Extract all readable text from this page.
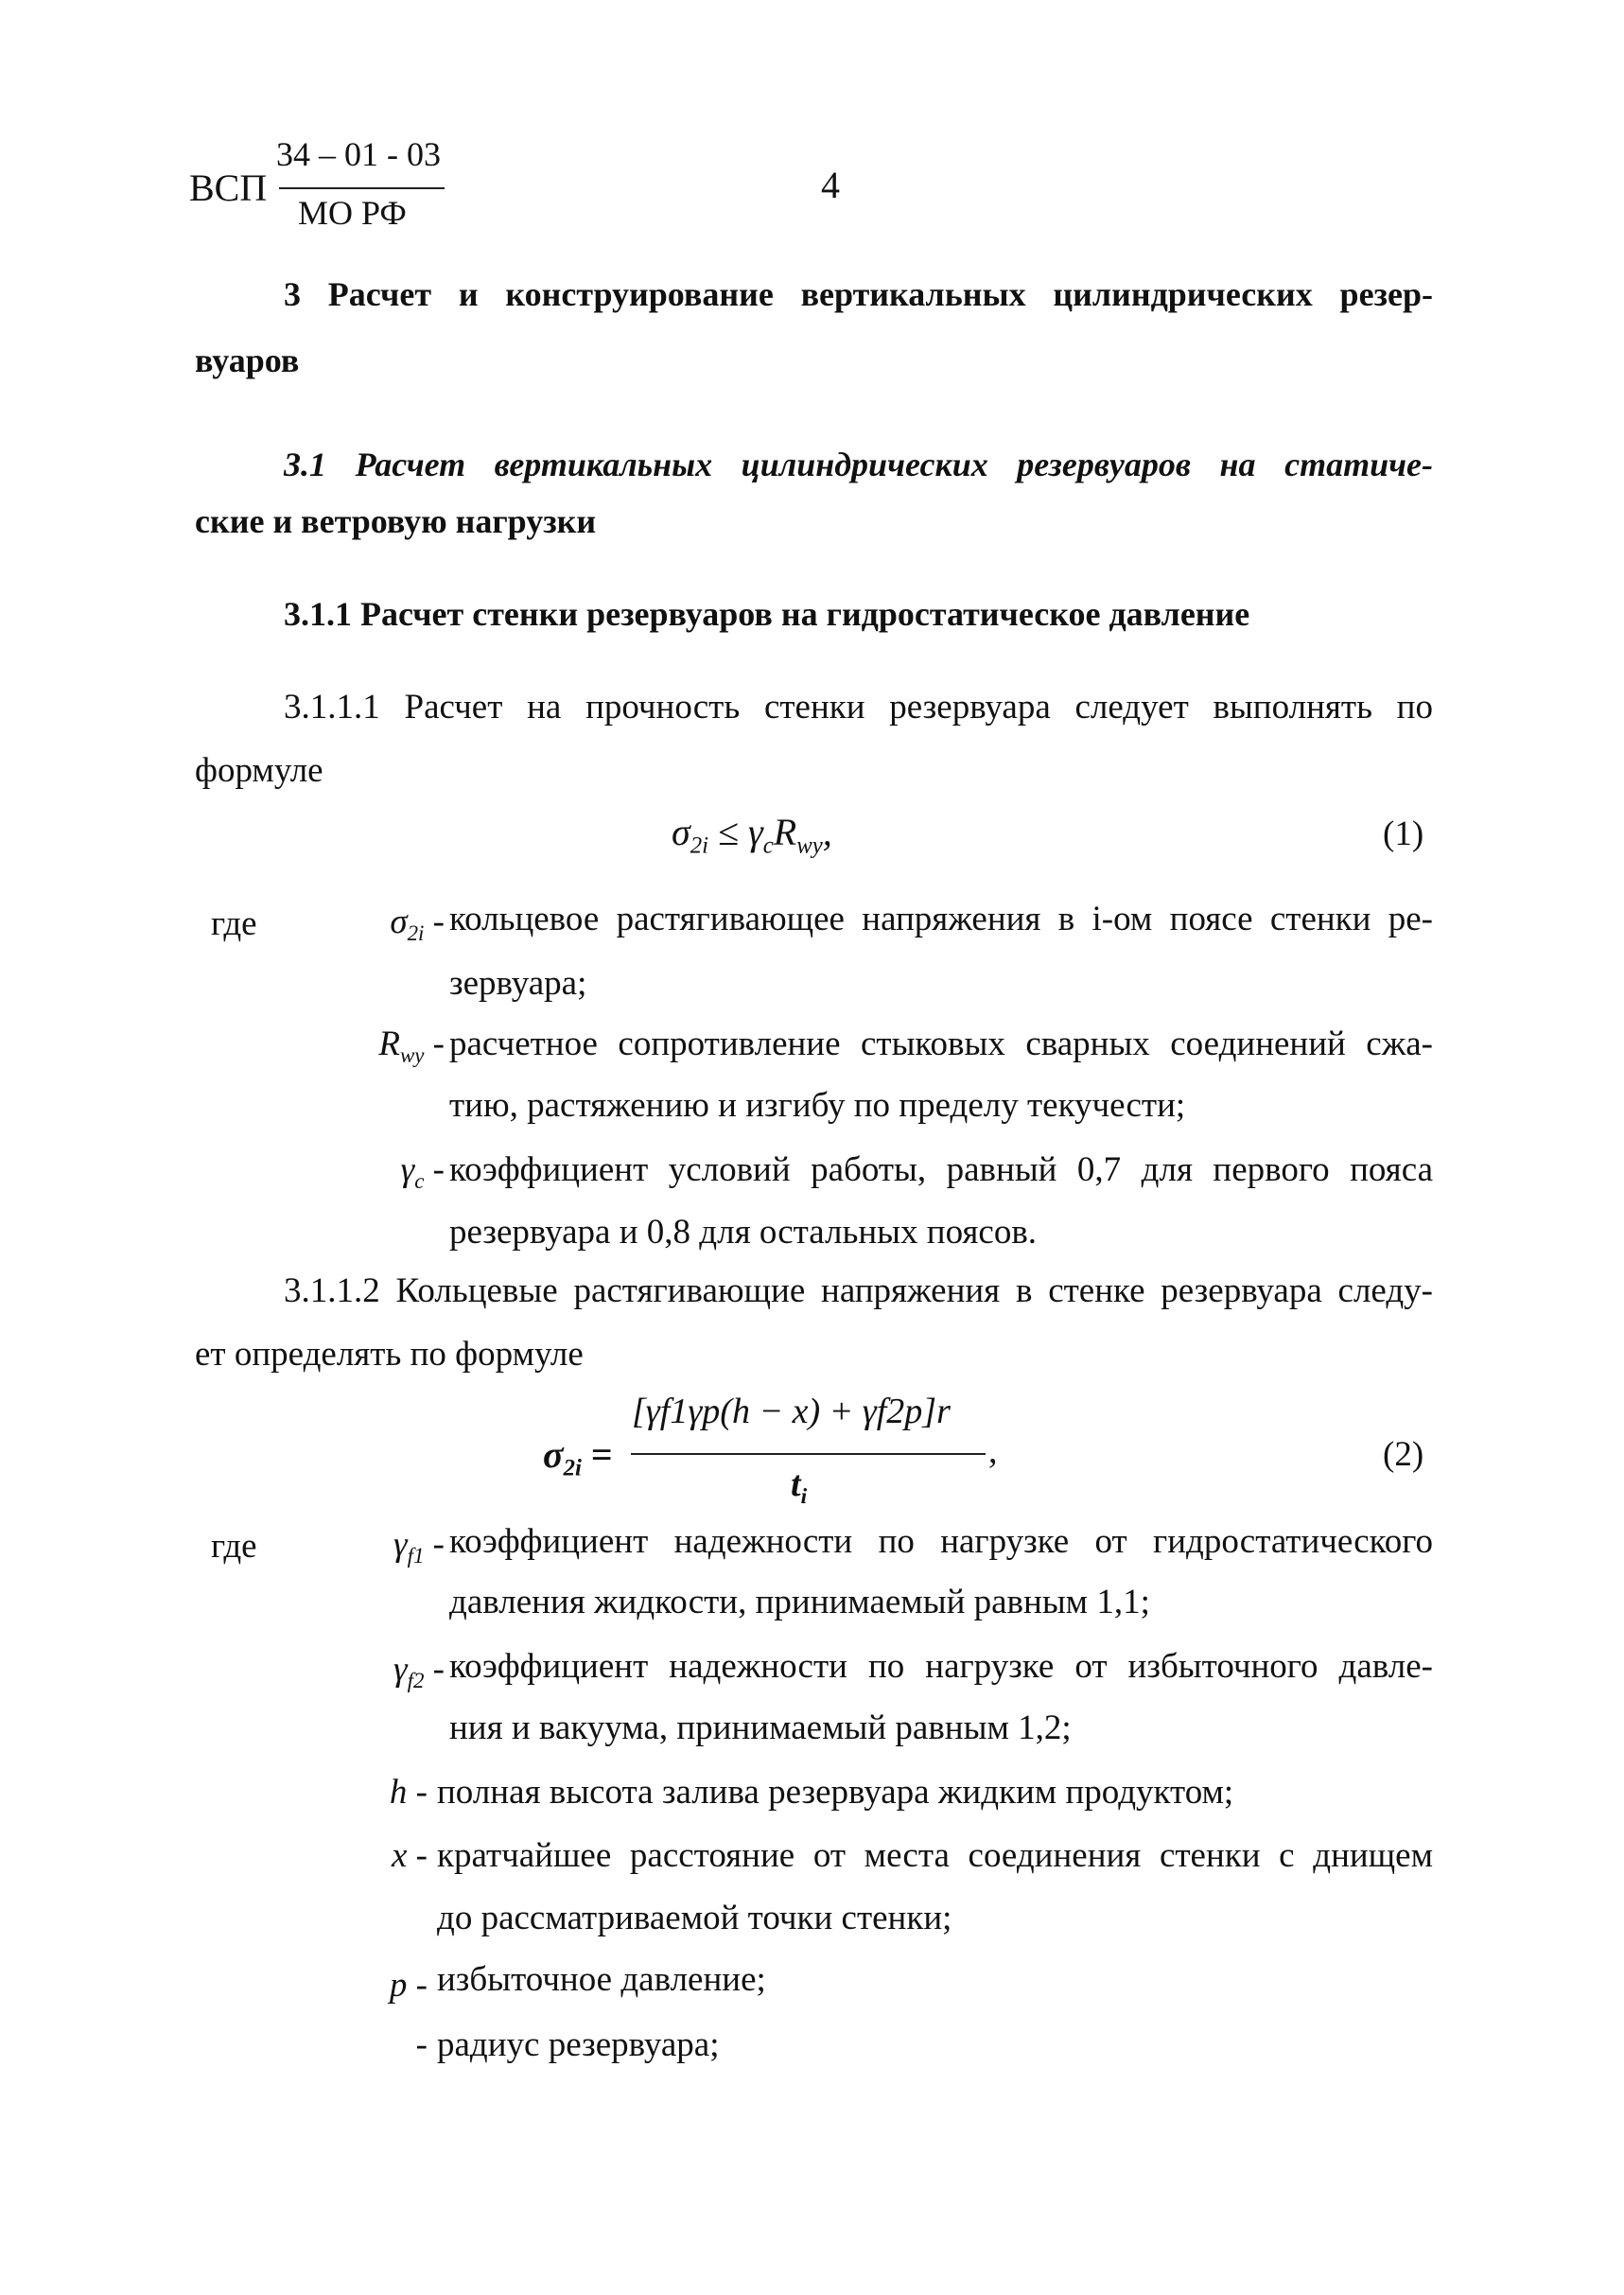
ВСП
34 – 01 - 03
МО РФ
4
3 Расчет и конструирование вертикальных цилиндрических резер-
вуаров
3.1 Расчет вертикальных цилиндрических резервуаров на статиче-
ские и ветровую нагрузки
3.1.1 Расчет стенки резервуаров на гидростатическое давление
3.1.1.1 Расчет на прочность стенки резервуара следует выполнять по
формуле
$\sigma_{2i} \le \gamma_cR_{wy}$,	(1)
где	$\sigma_{2i}$ - кольцевое растягивающее напряжения в i-ом поясе стенки ре-
зервуара;
$R_{wy}$ - расчетное сопротивление стыковых сварных соединений сжа-
тию, растяжению и изгибу по пределу текучести;
$\gamma_c$ - коэффициент условий работы, равный 0,7 для первого пояса
резервуара и 0,8 для остальных поясов.
3.1.1.2 Кольцевые растягивающие напряжения в стенке резервуара следу-
ет определять по формуле
$\sigma_{2i}$ =
[γf1γp(h − x) + γf2p]r
$t_i$
,	(2)
где	$\gamma_{f1}$ - коэффициент надежности по нагрузке от гидростатического
давления жидкости, принимаемый равным 1,1;
$\gamma_{f2}$ - коэффициент надежности по нагрузке от избыточного давле-
ния и вакуума, принимаемый равным 1,2;
h - полная высота залива резервуара жидким продуктом;
x - кратчайшее расстояние от места соединения стенки с днищем
до рассматриваемой точки стенки;
p - избыточное давление;
- радиус резервуара;
